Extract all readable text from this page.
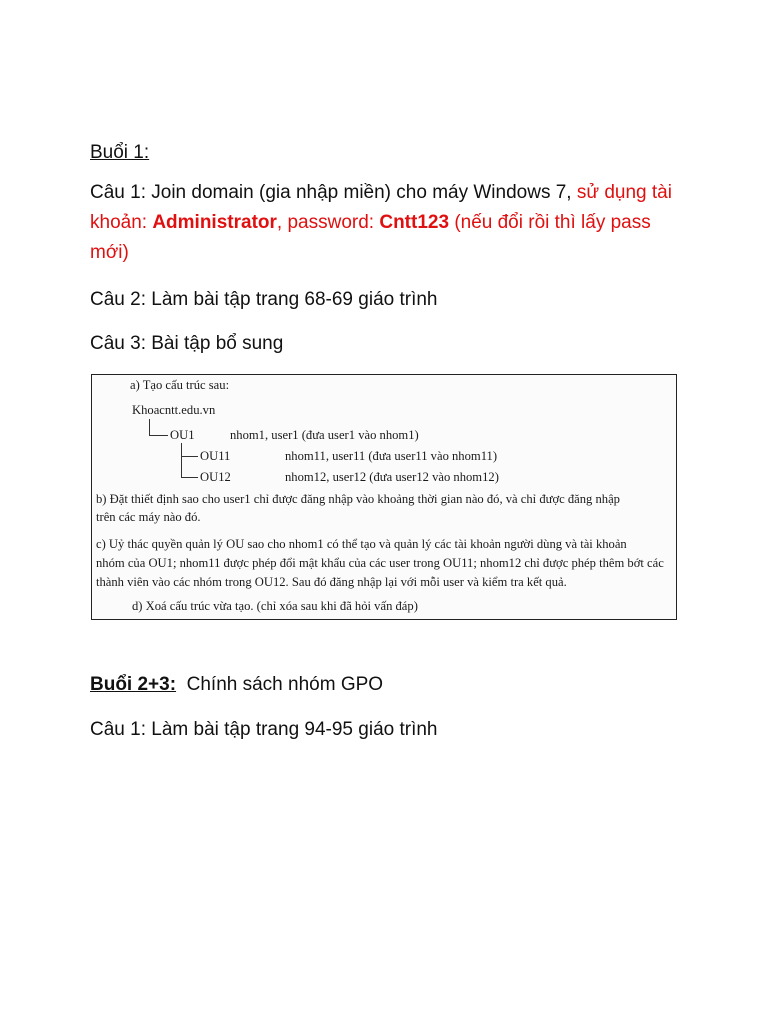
Buổi 1:
Câu 1: Join domain (gia nhập miền) cho máy Windows 7, sử dụng tài khoản: Administrator, password: Cntt123 (nếu đổi rồi thì lấy pass mới)
Câu 2: Làm bài tập trang 68-69 giáo trình
Câu 3: Bài tập bổ sung
a) Tạo cấu trúc sau:
Khoacntt.edu.vn
OU1	nhom1, user1 (đưa user1 vào nhom1)
OU11	nhom11, user11 (đưa user11 vào nhom11)
OU12	nhom12, user12 (đưa user12 vào nhom12)
b) Đặt thiết định sao cho user1 chỉ được đăng nhập vào khoảng thời gian nào đó, và chỉ được đăng nhập
trên các máy nào đó.
c) Uỷ thác quyền quản lý OU sao cho nhom1 có thể tạo và quản lý các tài khoản người dùng và tài khoản
nhóm của OU1; nhom11 được phép đổi mật khẩu của các user trong OU11; nhom12 chỉ được phép thêm bớt các
thành viên vào các nhóm trong OU12. Sau đó đăng nhập lại với mỗi user và kiểm tra kết quả.
d) Xoá cấu trúc vừa tạo. (chỉ xóa sau khi đã hỏi vấn đáp)
Buổi 2+3: Chính sách nhóm GPO
Câu 1: Làm bài tập trang 94-95 giáo trình
